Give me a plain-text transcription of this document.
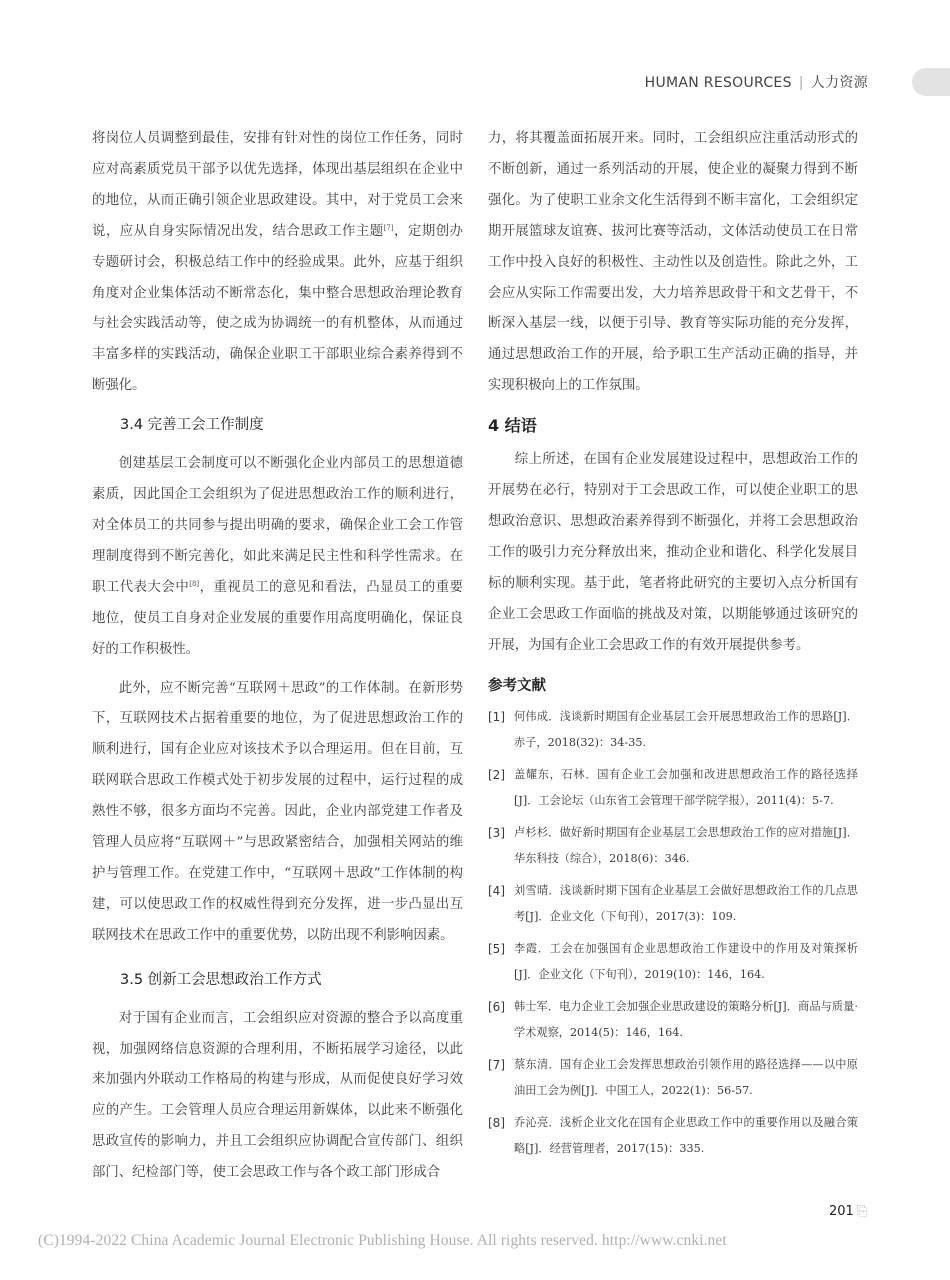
HUMAN RESOURCES | 人力资源

将岗位人员调整到最佳，安排有针对性的岗位工作任务，同时应对高素质党员干部予以优先选择，体现出基层组织在企业中的地位，从而正确引领企业思政建设。其中，对于党员工会来说，应从自身实际情况出发，结合思政工作主题[7]，定期创办专题研讨会，积极总结工作中的经验成果。此外，应基于组织角度对企业集体活动不断常态化，集中整合思想政治理论教育与社会实践活动等，使之成为协调统一的有机整体，从而通过丰富多样的实践活动，确保企业职工干部职业综合素养得到不断强化。

3.4 完善工会工作制度

创建基层工会制度可以不断强化企业内部员工的思想道德素质，因此国企工会组织为了促进思想政治工作的顺利进行，对全体员工的共同参与提出明确的要求，确保企业工会工作管理制度得到不断完善化，如此来满足民主性和科学性需求。在职工代表大会中[8]，重视员工的意见和看法，凸显员工的重要地位，使员工自身对企业发展的重要作用高度明确化，保证良好的工作积极性。

此外，应不断完善“互联网＋思政”的工作体制。在新形势下，互联网技术占据着重要的地位，为了促进思想政治工作的顺利进行，国有企业应对该技术予以合理运用。但在目前，互联网联合思政工作模式处于初步发展的过程中，运行过程的成熟性不够，很多方面均不完善。因此，企业内部党建工作者及管理人员应将“互联网＋”与思政紧密结合，加强相关网站的维护与管理工作。在党建工作中，“互联网＋思政”工作体制的构建，可以使思政工作的权威性得到充分发挥，进一步凸显出互联网技术在思政工作中的重要优势，以防出现不利影响因素。

3.5 创新工会思想政治工作方式

对于国有企业而言，工会组织应对资源的整合予以高度重视，加强网络信息资源的合理利用，不断拓展学习途径，以此来加强内外联动工作格局的构建与形成，从而促使良好学习效应的产生。工会管理人员应合理运用新媒体，以此来不断强化思政宣传的影响力，并且工会组织应协调配合宣传部门、组织部门、纪检部门等，使工会思政工作与各个政工部门形成合

力，将其覆盖面拓展开来。同时，工会组织应注重活动形式的不断创新，通过一系列活动的开展，使企业的凝聚力得到不断强化。为了使职工业余文化生活得到不断丰富化，工会组织定期开展篮球友谊赛、拔河比赛等活动，文体活动使员工在日常工作中投入良好的积极性、主动性以及创造性。除此之外，工会应从实际工作需要出发，大力培养思政骨干和文艺骨干，不断深入基层一线，以便于引导、教育等实际功能的充分发挥，通过思想政治工作的开展，给予职工生产活动正确的指导，并实现积极向上的工作氛围。

4 结语

综上所述，在国有企业发展建设过程中，思想政治工作的开展势在必行，特别对于工会思政工作，可以使企业职工的思想政治意识、思想政治素养得到不断强化，并将工会思想政治工作的吸引力充分释放出来，推动企业和谐化、科学化发展目标的顺利实现。基于此，笔者将此研究的主要切入点分析国有企业工会思政工作面临的挑战及对策，以期能够通过该研究的开展，为国有企业工会思政工作的有效开展提供参考。

参考文献
[1] 何伟成．浅谈新时期国有企业基层工会开展思想政治工作的思路[J]．赤子，2018(32)：34-35.
[2] 盖耀东，石林．国有企业工会加强和改进思想政治工作的路径选择[J]．工会论坛（山东省工会管理干部学院学报），2011(4)：5-7.
[3] 卢杉杉．做好新时期国有企业基层工会思想政治工作的应对措施[J]．华东科技（综合），2018(6)：346.
[4] 刘雪晴．浅谈新时期下国有企业基层工会做好思想政治工作的几点思考[J]．企业文化（下旬刊），2017(3)：109.
[5] 李霞．工会在加强国有企业思想政治工作建设中的作用及对策探析[J]．企业文化（下旬刊），2019(10)：146，164.
[6] 韩士军．电力企业工会加强企业思政建设的策略分析[J]．商品与质量·学术观察，2014(5)：146，164.
[7] 蔡东清．国有企业工会发挥思想政治引领作用的路径选择——以中原油田工会为例[J]．中国工人，2022(1)：56-57.
[8] 乔沁亮．浅析企业文化在国有企业思政工作中的重要作用以及融合策略[J]．经营管理者，2017(15)：335.
201 ⎘
(C)1994-2022 China Academic Journal Electronic Publishing House. All rights reserved. http://www.cnki.net
